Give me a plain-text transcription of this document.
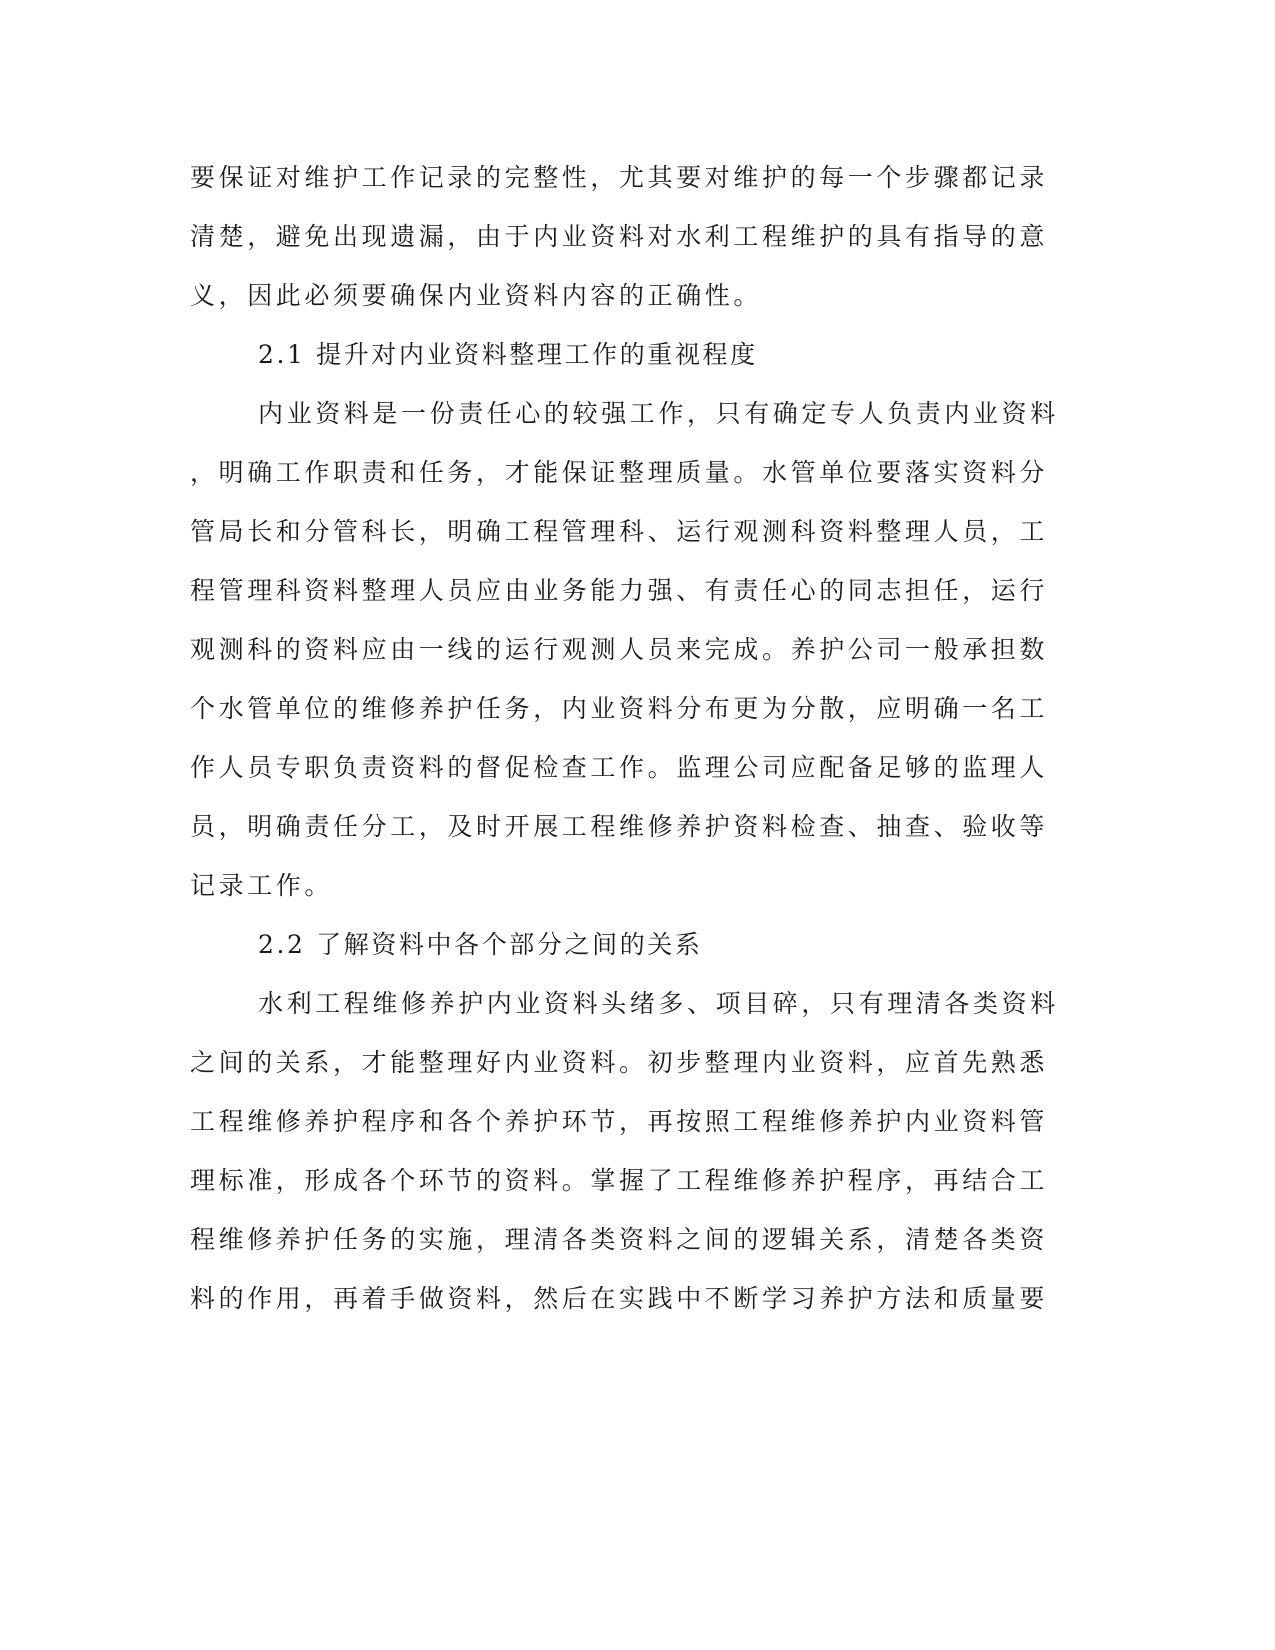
要保证对维护工作记录的完整性，尤其要对维护的每一个步骤都记录
清楚，避免出现遗漏，由于内业资料对水利工程维护的具有指导的意
义，因此必须要确保内业资料内容的正确性。
2.1 提升对内业资料整理工作的重视程度
内业资料是一份责任心的较强工作，只有确定专人负责内业资料
，明确工作职责和任务，才能保证整理质量。水管单位要落实资料分
管局长和分管科长，明确工程管理科、运行观测科资料整理人员，工
程管理科资料整理人员应由业务能力强、有责任心的同志担任，运行
观测科的资料应由一线的运行观测人员来完成。养护公司一般承担数
个水管单位的维修养护任务，内业资料分布更为分散，应明确一名工
作人员专职负责资料的督促检查工作。监理公司应配备足够的监理人
员，明确责任分工，及时开展工程维修养护资料检查、抽查、验收等
记录工作。
2.2 了解资料中各个部分之间的关系
水利工程维修养护内业资料头绪多、项目碎，只有理清各类资料
之间的关系，才能整理好内业资料。初步整理内业资料，应首先熟悉
工程维修养护程序和各个养护环节，再按照工程维修养护内业资料管
理标准，形成各个环节的资料。掌握了工程维修养护程序，再结合工
程维修养护任务的实施，理清各类资料之间的逻辑关系，清楚各类资
料的作用，再着手做资料，然后在实践中不断学习养护方法和质量要
